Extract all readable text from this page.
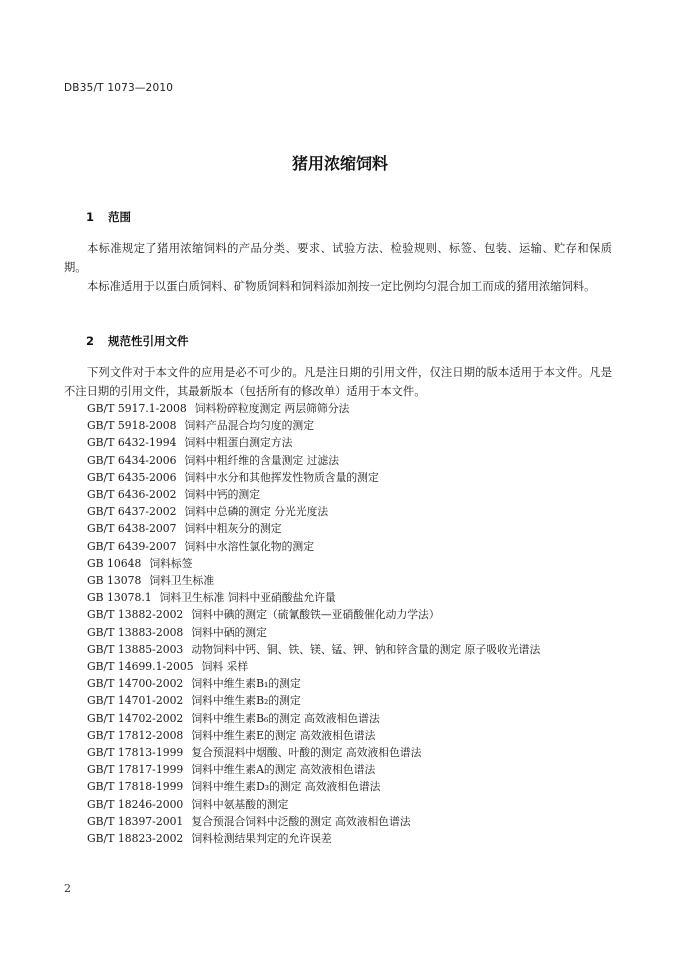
DB35/T 1073—2010
猪用浓缩饲料
1 范围

本标准规定了猪用浓缩饲料的产品分类、要求、试验方法、检验规则、标签、包装、运输、贮存和保质期。

本标准适用于以蛋白质饲料、矿物质饲料和饲料添加剂按一定比例均匀混合加工而成的猪用浓缩饲料。

2 规范性引用文件

下列文件对于本文件的应用是必不可少的。凡是注日期的引用文件，仅注日期的版本适用于本文件。凡是不注日期的引用文件，其最新版本（包括所有的修改单）适用于本文件。

GB/T 5917.1-2008 饲料粉碎粒度测定 两层筛筛分法
GB/T 5918-2008 饲料产品混合均匀度的测定
GB/T 6432-1994 饲料中粗蛋白测定方法
GB/T 6434-2006 饲料中粗纤维的含量测定 过滤法
GB/T 6435-2006 饲料中水分和其他挥发性物质含量的测定
GB/T 6436-2002 饲料中钙的测定
GB/T 6437-2002 饲料中总磷的测定 分光光度法
GB/T 6438-2007 饲料中粗灰分的测定
GB/T 6439-2007 饲料中水溶性氯化物的测定
GB 10648 饲料标签
GB 13078 饲料卫生标准
GB 13078.1 饲料卫生标准 饲料中亚硝酸盐允许量
GB/T 13882-2002 饲料中碘的测定（硫氰酸铁—亚硝酸催化动力学法）
GB/T 13883-2008 饲料中硒的测定
GB/T 13885-2003 动物饲料中钙、铜、铁、镁、锰、钾、钠和锌含量的测定 原子吸收光谱法
GB/T 14699.1-2005 饲料 采样
GB/T 14700-2002 饲料中维生素B₁的测定
GB/T 14701-2002 饲料中维生素B₂的测定
GB/T 14702-2002 饲料中维生素B₆的测定 高效液相色谱法
GB/T 17812-2008 饲料中维生素E的测定 高效液相色谱法
GB/T 17813-1999 复合预混料中烟酸、叶酸的测定 高效液相色谱法
GB/T 17817-1999 饲料中维生素A的测定 高效液相色谱法
GB/T 17818-1999 饲料中维生素D₃的测定 高效液相色谱法
GB/T 18246-2000 饲料中氨基酸的测定
GB/T 18397-2001 复合预混合饲料中泛酸的测定 高效液相色谱法
GB/T 18823-2002 饲料检测结果判定的允许误差
2
